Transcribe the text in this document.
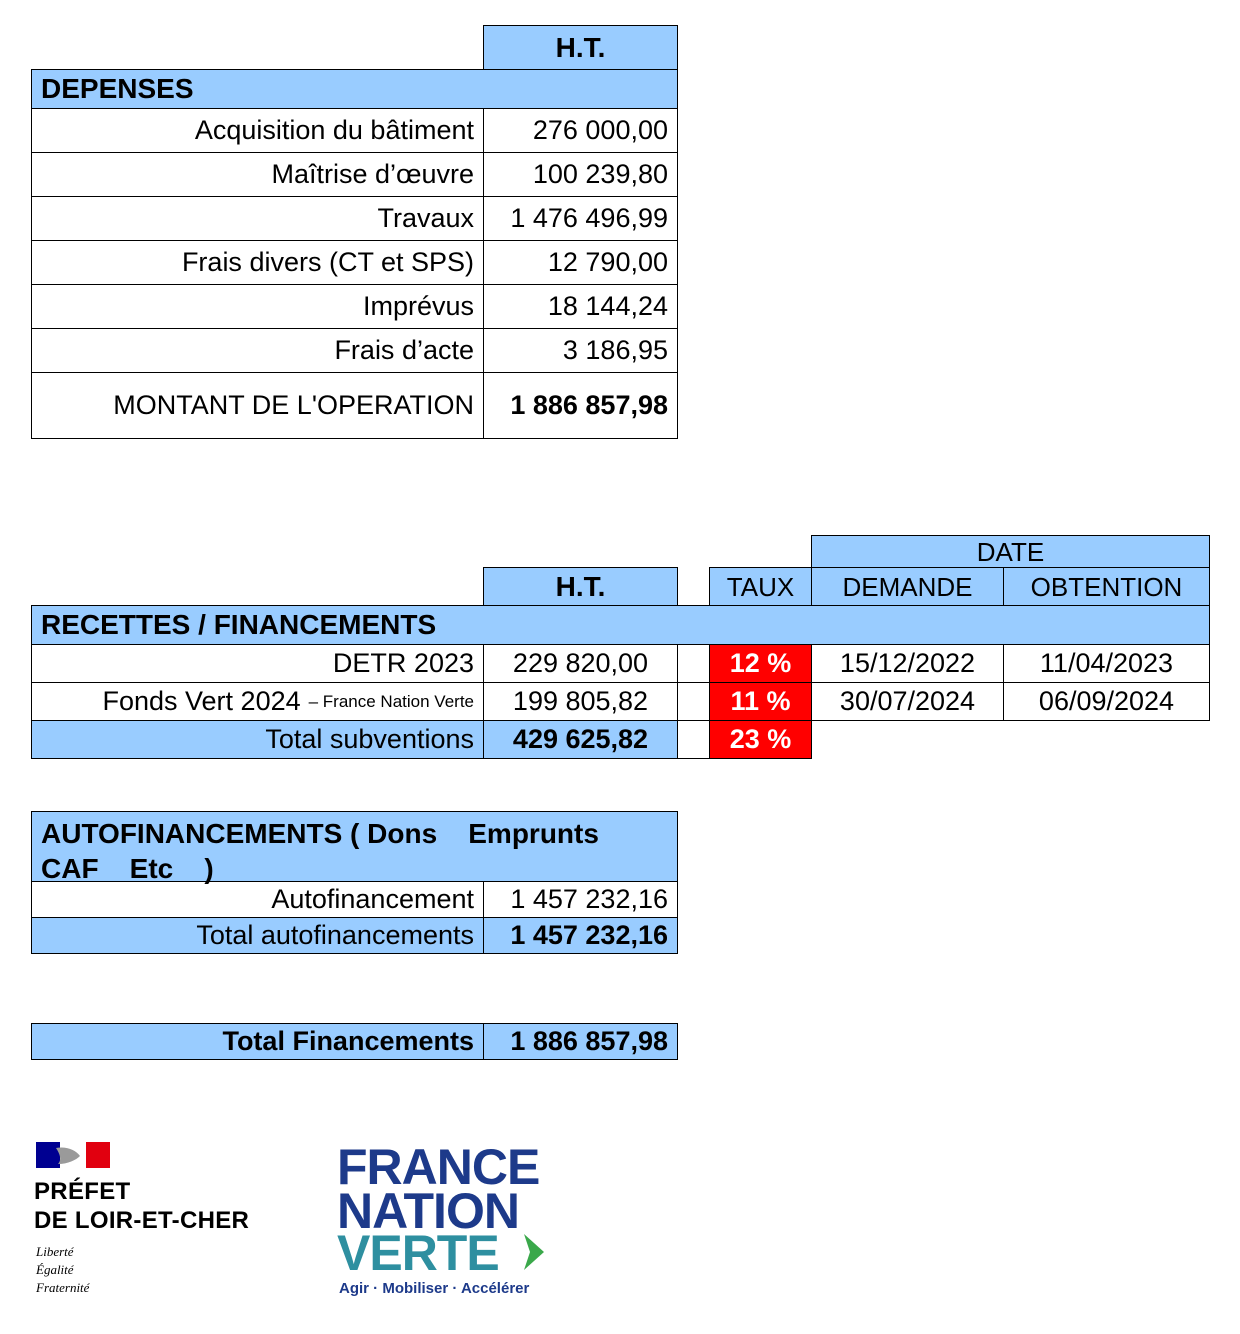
H.T.
DEPENSES
Acquisition du bâtiment	276 000,00
Maîtrise d’œuvre	100 239,80
Travaux	1 476 496,99
Frais divers (CT et SPS)	12 790,00
Imprévus	18 144,24
Frais d’acte	3 186,95
MONTANT DE L'OPERATION	1 886 857,98
DATE
H.T.	TAUX	DEMANDE	OBTENTION
RECETTES / FINANCEMENTS
DETR 2023	229 820,00	12 %	15/12/2022	11/04/2023
Fonds Vert 2024 – France Nation Verte	199 805,82	11 %	30/07/2024	06/09/2024
Total subventions	429 625,82	23 %
AUTOFINANCEMENTS ( Dons    Emprunts    CAF    Etc    )
Autofinancement	1 457 232,16
Total autofinancements	1 457 232,16
Total Financements	1 886 857,98
PRÉFET
DE LOIR-ET-CHER
Liberté
Égalité
Fraternité
FRANCE
NATION
VERTE
Agir · Mobiliser · Accélérer
